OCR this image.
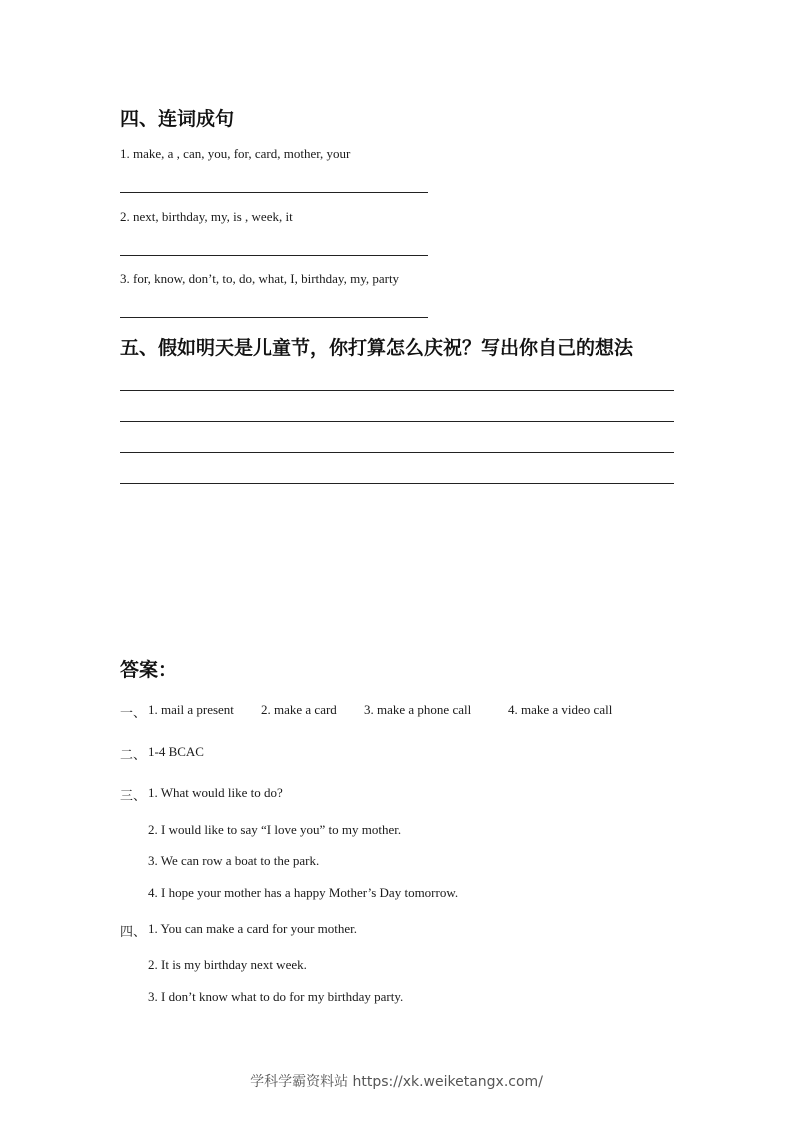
四、连词成句
1. make, a , can, you, for, card, mother, your
2. next, birthday, my, is , week, it
3. for, know, don’t, to, do, what, I, birthday, my, party
五、假如明天是儿童节，你打算怎么庆祝？写出你自己的想法
答案：
一、 1. mail a present 2. make a card 3. make a phone call	4. make a video call
二、 1-4 BCAC
三、 1. What would like to do?
2. I would like to say “I love you” to my mother.
3. We can row a boat to the park.
4. I hope your mother has a happy Mother’s Day tomorrow.
四、 1. You can make a card for your mother.
2. It is my birthday next week.
3. I don’t know what to do for my birthday party.
学科学霸资料站 https://xk.weiketangx.com/
